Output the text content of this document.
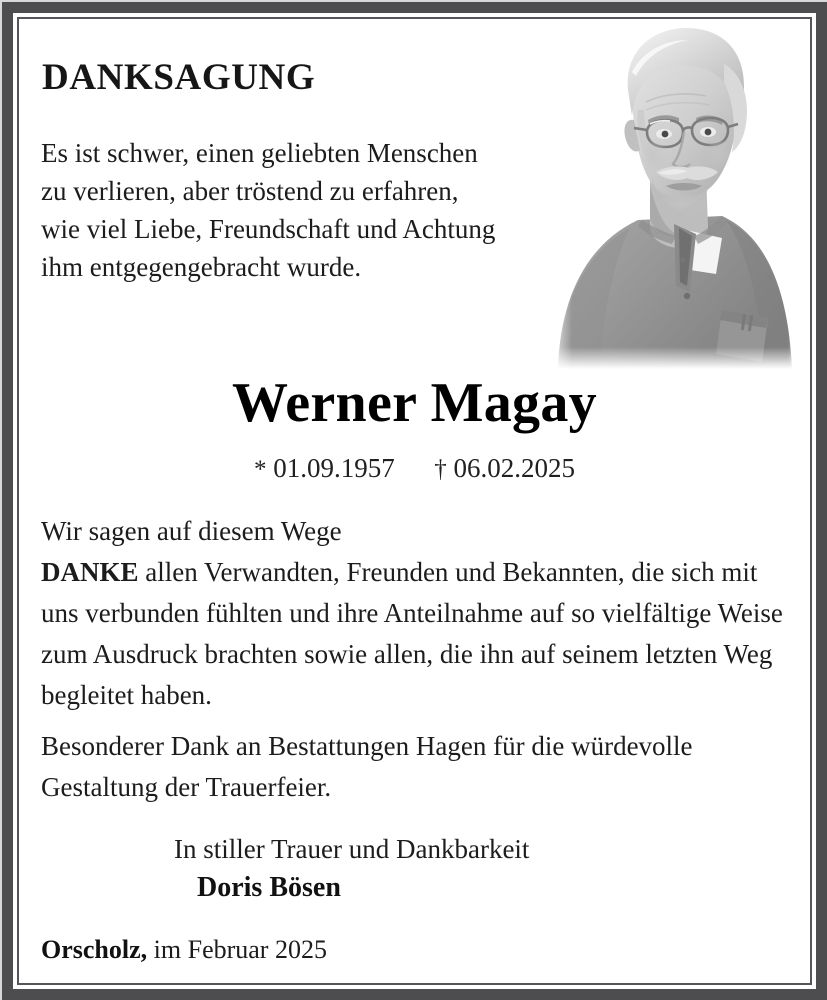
DANKSAGUNG
Es ist schwer, einen geliebten Menschen zu verlieren, aber tröstend zu erfahren, wie viel Liebe, Freundschaft und Achtung ihm entgegengebracht wurde.
Werner Magay
* 01.09.1957 † 06.02.2025
Wir sagen auf diesem Wege
DANKE allen Verwandten, Freunden und Bekannten, die sich mit uns verbunden fühlten und ihre Anteilnahme auf so vielfältige Weise zum Ausdruck brachten sowie allen, die ihn auf seinem letzten Weg begleitet haben.
Besonderer Dank an Bestattungen Hagen für die würdevolle Gestaltung der Trauerfeier.
In stiller Trauer und Dankbarkeit
Doris Bösen
Orscholz, im Februar 2025
